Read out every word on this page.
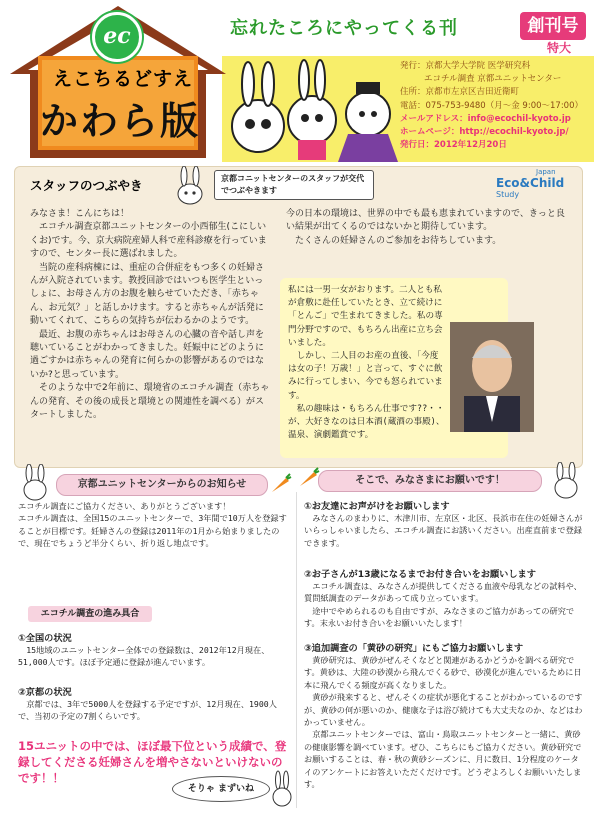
ec
えこちるどすえ
かわら版
忘れたころにやってくる刊	創刊号
特大
発行：京都大学大学院 医学研究科
エコチル調査 京都ユニットセンター
住所：京都市左京区吉田近衛町
電話：075-753-9480（月～金 9:00～17:00）
メールアドレス：info@ecochil-kyoto.jp
ホームページ：http://ecochil-kyoto.jp/
発行日：2012年12月20日
スタッフのつぶやき	京都コニットセンターのスタッフが交代でつぶやきます
Japan
Eco&Child
Study
みなさま！こんにちは！
　エコチル調査京都ユニットセンターの小西郁生(こにしいくお)です。今、京大病院産婦人科で産科診療を行っていますので、センター長に選ばれました。
　当院の産科病棟には、重症の合併症をもつ多くの妊婦さんが入院されています。教授回診ではいつも医学生といっしょに、お母さん方のお腹を触らせていただき、「赤ちゃん、お元気？」と話しかけます。すると赤ちゃんが活発に動いてくれて、こちらの気持ちが伝わるかのようです。
　最近、お腹の赤ちゃんはお母さんの心臓の音や話し声を聴いていることがわかってきました。妊娠中にどのように過ごすかは赤ちゃんの発育に何らかの影響があるのではないか?と思っています。
　そのような中で2年前に、環境省のエコチル調査（赤ちゃんの発育、その後の成長と環境との関連性を調べる）がスタートしました。
今の日本の環境は、世界の中でも最も恵まれていますので、きっと良い結果が出てくるのではないかと期待しています。
　たくさんの妊婦さんのご参加をお待ちしています。
私には一男一女がおります。二人とも私が倉敷に赴任していたとき、立て続けに「とんご」で生まれてきました。私の専門分野ですので、もちろん出産に立ち会いました。
　しかし、二人目のお産の直後、「今度は女の子！万歳！」と言って、すぐに飲みに行ってしまい、今でも怒られています。
　私の趣味は・もちろん仕事です??・・が、大好きなのは日本酒(蔵酒の事殿)、温泉、演劇鑑賞です。
京都ユニットセンターからのお知らせ
エコチル調査にご協力ください、ありがとうございます！
エコチル調査は、全国15のユニットセンターで、3年間で10万人を登録することが目標です。妊婦さんの登録は2011年の1月から始まりましたので、現在でちょうど半分くらい、折り返し地点です。
エコチル調査の進み具合
①全国の状況
　15地域のユニットセンター全体での登録数は、2012年12月現在、51,000人です。ほぼ予定通に登録が進んでいます。
②京都の状況
　京都では、3年で5000人を登録する予定ですが、12月現在、1900人で、当初の予定の7割くらいです。
15ユニットの中では、ほぼ最下位という成績で、登録してくださる妊婦さんを増やさないといけないのです！！
そりゃ まずいね
そこで、みなさまにお願いです！
①お友達にお声がけをお願いします
　みなさんのまわりに、木津川市、左京区・北区、長浜市在住の妊婦さんがいらっしゃいましたら、エコチル調査にお誘いください。出産直前まで登録できます。
②お子さんが13歳になるまでお付き合いをお願いします
　エコチル調査は、みなさんが提供してくださる血液や母乳などの試料や、質問紙調査のデータがあって成り立っています。
　途中でやめられるのも自由ですが、みなさまのご協力があっての研究です。末永いお付き合いをお願いいたします！
③追加調査の「黄砂の研究」にもご協力お願いします
　黄砂研究は、黄砂がぜんそくなどと関連があるかどうかを調べる研究です。黄砂は、大陸の砂漠から飛んでくる砂で、砂漠化が進んでいるために日本に飛んでくる頻度が高くなりました。
　黄砂が飛来すると、ぜんそくの症状が悪化することがわかっているのですが、黄砂の何が悪いのか、健康な子は浴び続けても大丈夫なのか、などはわかっていません。
　京都ユニットセンターでは、富山・鳥取ユニットセンターと一緒に、黄砂の健康影響を調べています。ぜひ、こちらにもご協力ください。黄砂研究でお願いすることは、春・秋の黄砂シーズンに、月に数日、1分程度のケータイのアンケートにお答えいただくだけです。どうぞよろしくお願いいたします。
